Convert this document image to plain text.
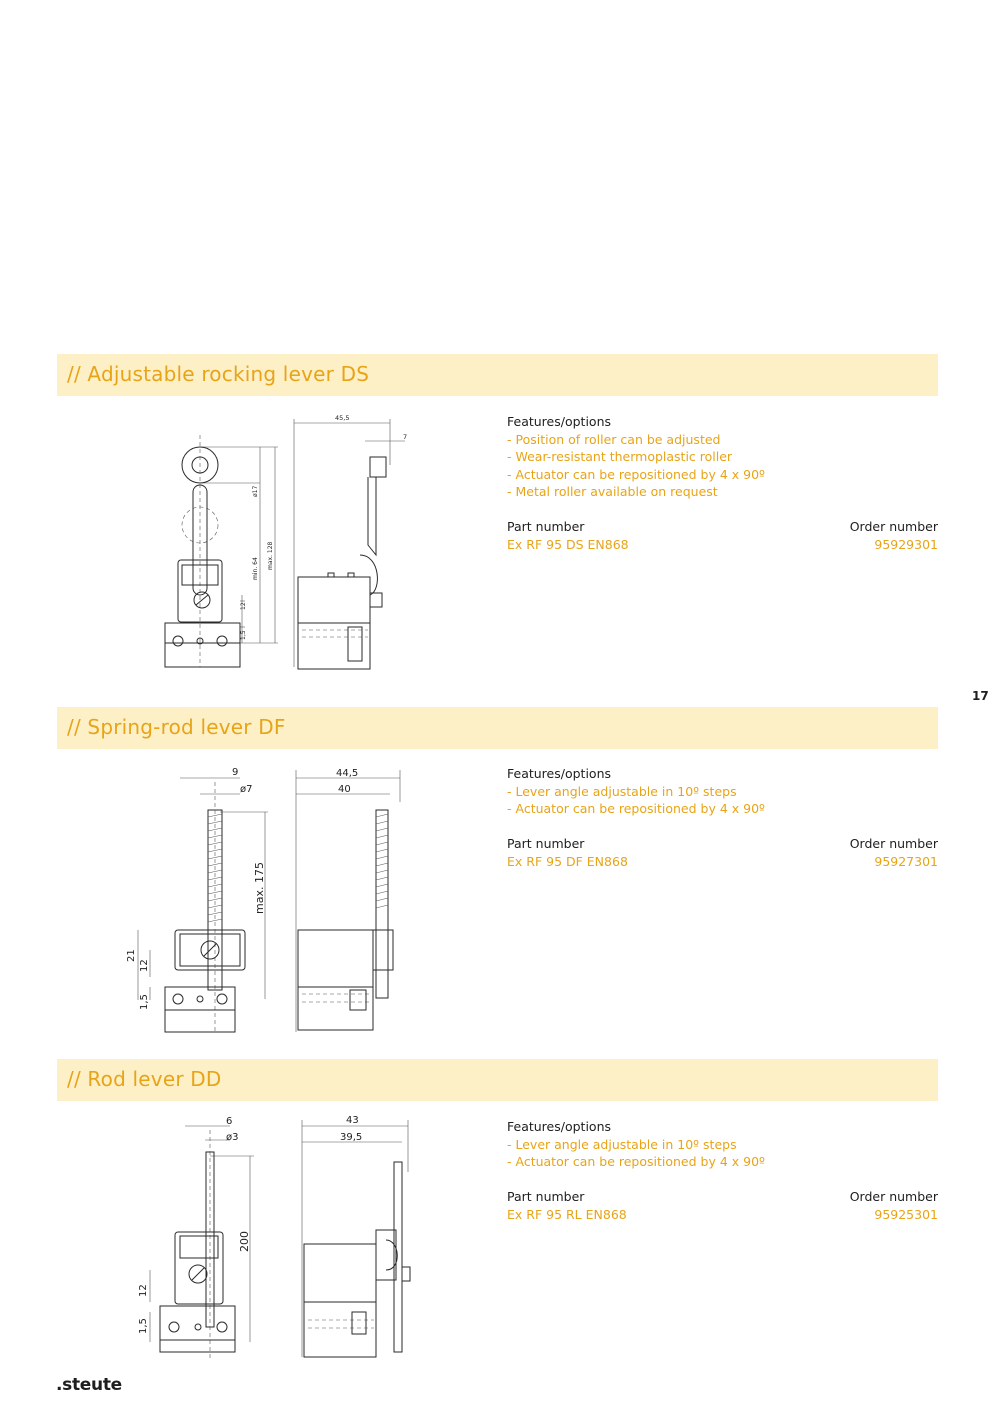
// Adjustable rocking lever DS
ø17
max. 128
min. 64
12
1,5
45,5
7
Features/options
- Position of roller can be adjusted
- Wear-resistant thermoplastic roller
- Actuator can be repositioned by 4 x 90º
- Metal roller available on request
Part number
Ex RF 95 DS EN868
Order number
95929301
17
// Spring-rod lever DF
9
ø7
max. 175
21
12
1,5
44,5
40
Features/options
- Lever angle adjustable in 10º steps
- Actuator can be repositioned by 4 x 90º
Part number
Ex RF 95 DF EN868
Order number
95927301
// Rod lever DD
6
ø3
200
12
1,5
43
39,5
Features/options
- Lever angle adjustable in 10º steps
- Actuator can be repositioned by 4 x 90º
Part number
Ex RF 95 RL EN868
Order number
95925301
.steute
